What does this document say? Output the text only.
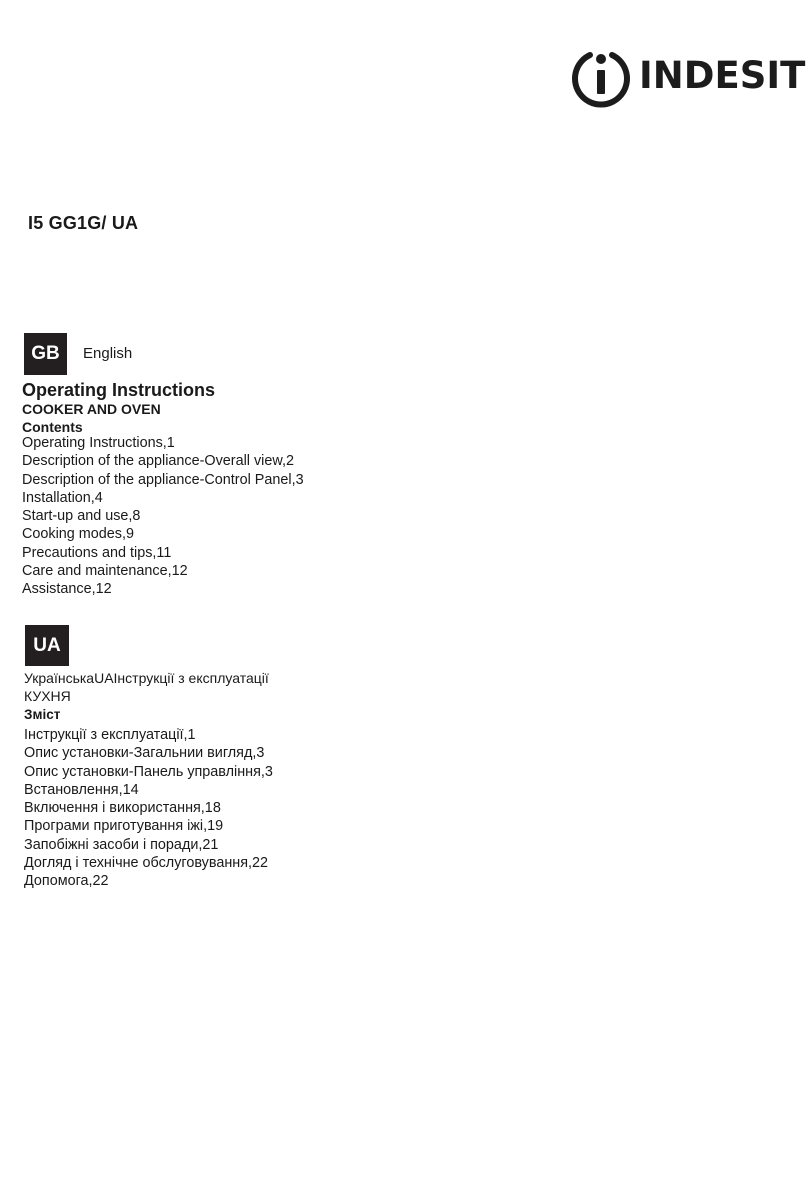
INDESIT
I5 GG1G/ UA
GB	English
Operating Instructions
COOKER AND OVEN
Contents
Operating Instructions,1
Description of the appliance-Overall view,2
Description of the appliance-Control Panel,3
Installation,4
Start-up and use,8
Cooking modes,9
Precautions and tips,11
Care and maintenance,12
Assistance,12
UA
УкраїнськаUAІнструкції з експлуатації
КУХНЯ
Зміст
Інструкції з експлуатації,1
Опис установки-Загальнии вигляд,3
Опис установки-Панель управління,3
Встановлення,14
Включення і використання,18
Програми приготування іжі,19
Запобіжні засоби і поради,21
Догляд і технічне обслуговування,22
Допомога,22
